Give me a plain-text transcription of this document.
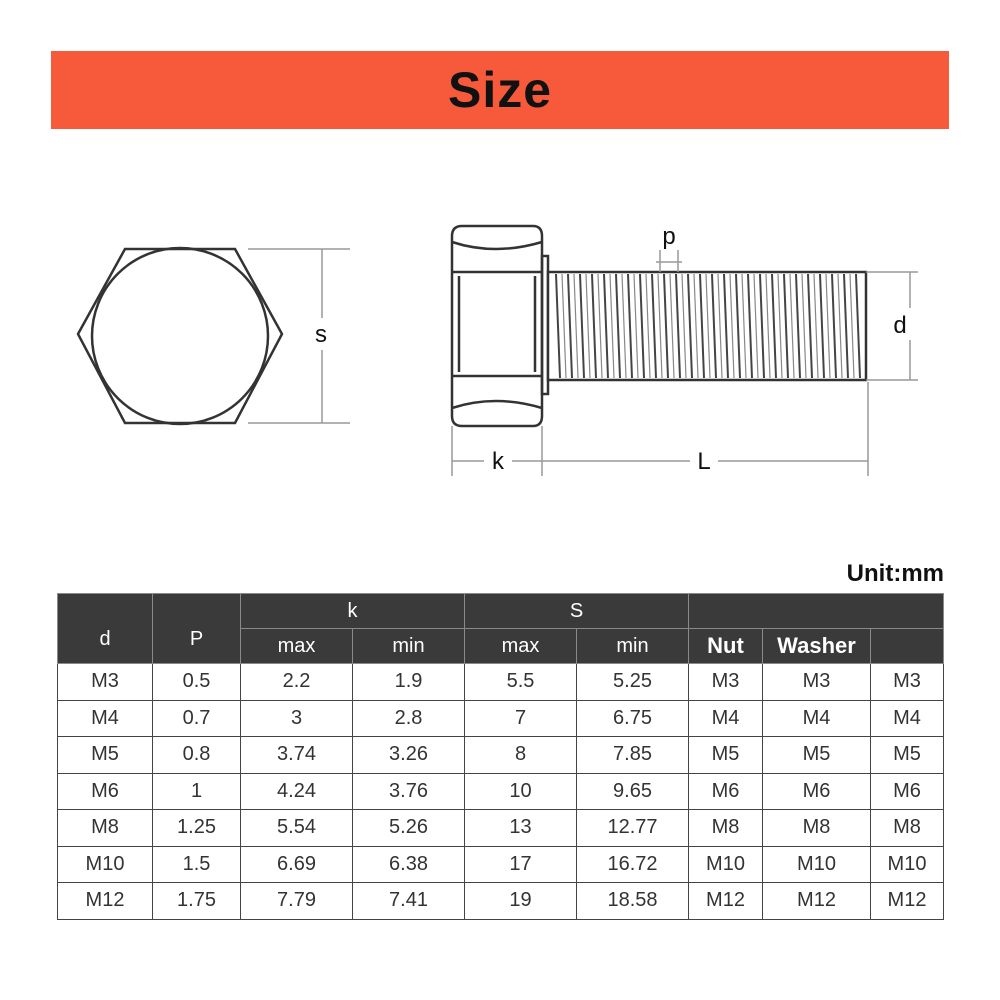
Size
s	d
p
k	L
Unit:mm
d	P	k		S				
		max	min	max	min	Nut	Washer	
M3	0.5	2.2	1.9	5.5	5.25	M3	M3	M3
M4	0.7	3	2.8	7	6.75	M4	M4	M4
M5	0.8	3.74	3.26	8	7.85	M5	M5	M5
M6	1	4.24	3.76	10	9.65	M6	M6	M6
M8	1.25	5.54	5.26	13	12.77	M8	M8	M8
M10	1.5	6.69	6.38	17	16.72	M10	M10	M10
M12	1.75	7.79	7.41	19	18.58	M12	M12	M12
